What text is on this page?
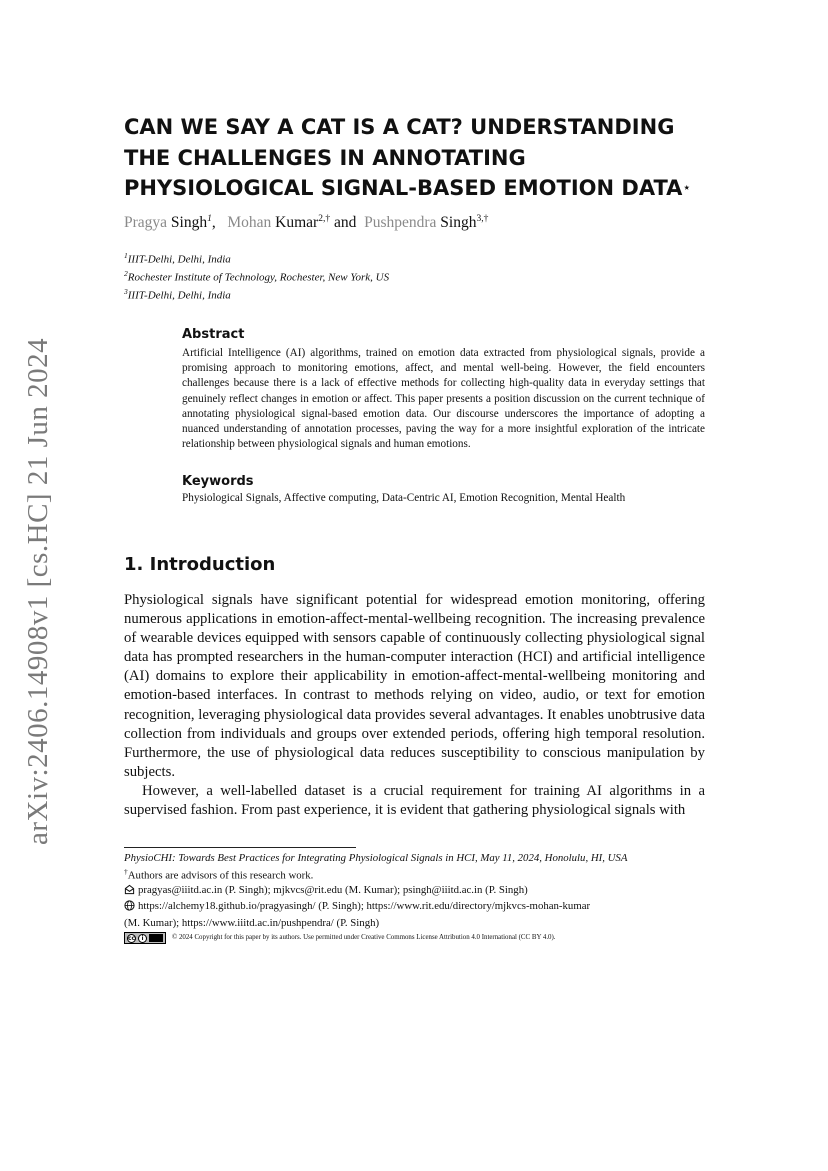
arXiv:2406.14908v1 [cs.HC] 21 Jun 2024
CAN WE SAY A CAT IS A CAT? UNDERSTANDING
THE CHALLENGES IN ANNOTATING
PHYSIOLOGICAL SIGNAL-BASED EMOTION DATA⋆
Pragya Singh$^1$, Mohan Kumar$^{2,\dagger}$ and Pushpendra Singh$^{3,\dagger}$
$^1$IIIT-Delhi, Delhi, India
$^2$Rochester Institute of Technology, Rochester, New York, US
$^3$IIIT-Delhi, Delhi, India
Abstract
Artificial Intelligence (AI) algorithms, trained on emotion data extracted from physiological signals, provide a promising approach to monitoring emotions, affect, and mental well-being. However, the field encounters challenges because there is a lack of effective methods for collecting high-quality data in everyday settings that genuinely reflect changes in emotion or affect. This paper presents a position discussion on the current technique of annotating physiological signal-based emotion data. Our discourse underscores the importance of adopting a nuanced understanding of annotation processes, paving the way for a more insightful exploration of the intricate relationship between physiological signals and human emotions.
Keywords
Physiological Signals, Affective computing, Data-Centric AI, Emotion Recognition, Mental Health
1. Introduction

Physiological signals have significant potential for widespread emotion monitoring, offering numerous applications in emotion-affect-mental-wellbeing recognition. The increasing prevalence of wearable devices equipped with sensors capable of continuously collecting physiological signal data has prompted researchers in the human-computer interaction (HCI) and artificial intelligence (AI) domains to explore their applicability in emotion-affect-mental-wellbeing monitoring and emotion-based interfaces. In contrast to methods relying on video, audio, or text for emotion recognition, leveraging physiological data provides several advantages. It enables unobtrusive data collection from individuals and groups over extended periods, offering high temporal resolution. Furthermore, the use of physiological data reduces susceptibility to conscious manipulation by subjects.

However, a well-labelled dataset is a crucial requirement for training AI algorithms in a supervised fashion. From past experience, it is evident that gathering physiological signals with

PhysioCHI: Towards Best Practices for Integrating Physiological Signals in HCI, May 11, 2024, Honolulu, HI, USA
†Authors are advisors of this research work.
pragyas@iiitd.ac.in (P. Singh); mjkvcs@rit.edu (M. Kumar); psingh@iiitd.ac.in (P. Singh)
https://alchemy18.github.io/pragyasingh/ (P. Singh); https://www.rit.edu/directory/mjkvcs-mohan-kumar
(M. Kumar); https://www.iiitd.ac.in/pushpendra/ (P. Singh)
cc	i	© 2024 Copyright for this paper by its authors. Use permitted under Creative Commons License Attribution 4.0 International (CC BY 4.0).
